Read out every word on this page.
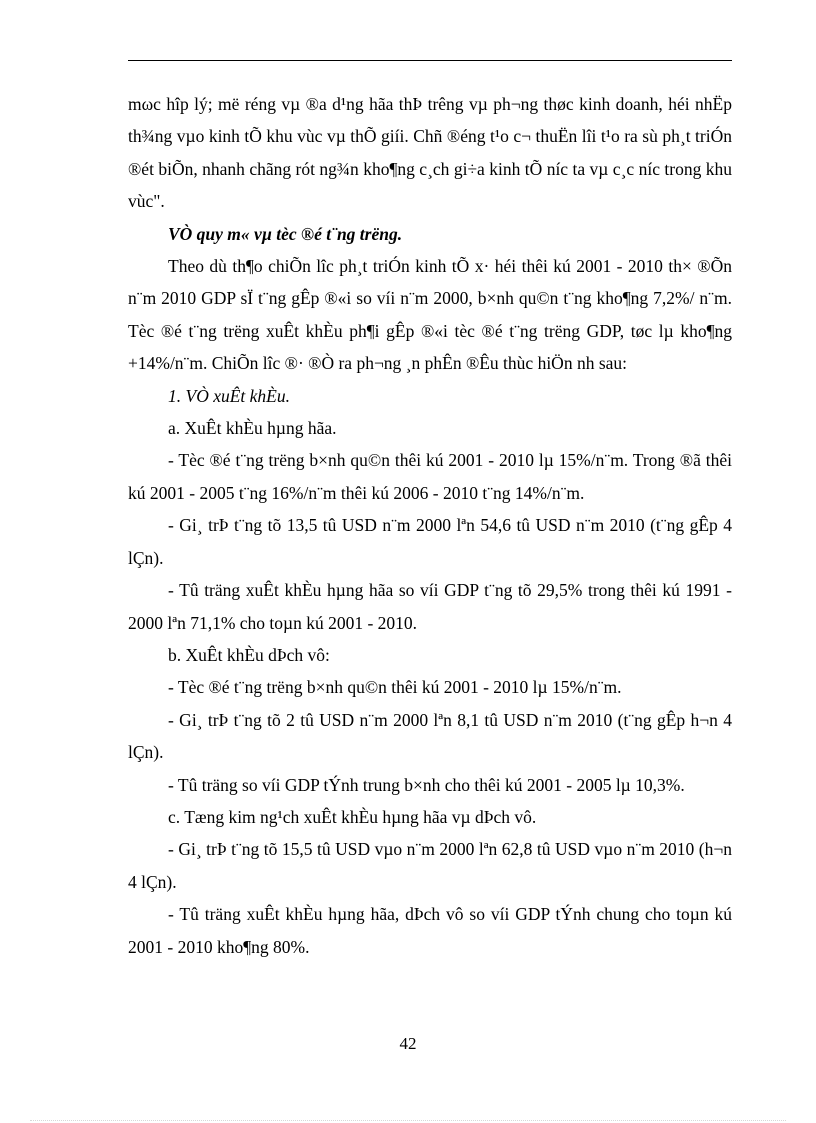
mωc hîp lý; më réng vµ ®a d¹ng hãa thÞ trêng vµ ph¬ng thøc kinh doanh, héi nhËp th¾ng vµo kinh tÕ khu vùc vµ thÕ giíi. Chñ ®éng t¹o c¬ thuËn lîi t¹o ra sù ph¸t triÓn ®ét biÕn, nhanh chãng rót ng¾n kho¶ng c¸ch gi÷a kinh tÕ níc ta vµ c¸c níc trong khu vùc".

VÒ quy m« vµ tèc ®é t¨ng trëng.

Theo dù th¶o chiÕn lîc ph¸t triÓn kinh tÕ x· héi thêi kú 2001 - 2010 th× ®Õn n¨m 2010 GDP sÏ t¨ng gÊp ®«i so víi n¨m 2000, b×nh qu©n t¨ng kho¶ng 7,2%/ n¨m. Tèc ®é t¨ng trëng xuÊt khÈu ph¶i gÊp ®«i tèc ®é t¨ng trëng GDP, tøc lµ kho¶ng +14%/n¨m. ChiÕn lîc ®· ®Ò ra ph¬ng ¸n phÊn ®Êu thùc hiÖn nh sau:

1. VÒ xuÊt khÈu.

a. XuÊt khÈu hµng hãa.

- Tèc ®é t¨ng trëng b×nh qu©n thêi kú 2001 - 2010 lµ 15%/n¨m. Trong ®ã thêi kú 2001 - 2005 t¨ng 16%/n¨m thêi kú 2006 - 2010 t¨ng 14%/n¨m.

- Gi¸ trÞ t¨ng tõ 13,5 tû USD n¨m 2000 lªn 54,6 tû USD n¨m 2010 (t¨ng gÊp 4 lÇn).

- Tû träng xuÊt khÈu hµng hãa so víi GDP t¨ng tõ 29,5% trong thêi kú 1991 - 2000 lªn 71,1% cho toµn kú 2001 - 2010.

b. XuÊt khÈu dÞch vô:

- Tèc ®é t¨ng trëng b×nh qu©n thêi kú 2001 - 2010 lµ 15%/n¨m.

- Gi¸ trÞ t¨ng tõ 2 tû USD n¨m 2000 lªn 8,1 tû USD n¨m 2010 (t¨ng gÊp h¬n 4 lÇn).

- Tû träng so víi GDP tÝnh trung b×nh cho thêi kú 2001 - 2005 lµ 10,3%.

c. Tæng kim ng¹ch xuÊt khÈu hµng hãa vµ dÞch vô.

- Gi¸ trÞ t¨ng tõ 15,5 tû USD vµo n¨m 2000 lªn 62,8 tû USD vµo n¨m 2010 (h¬n 4 lÇn).

- Tû träng xuÊt khÈu hµng hãa, dÞch vô so víi GDP tÝnh chung cho toµn kú 2001 - 2010 kho¶ng 80%.

42
